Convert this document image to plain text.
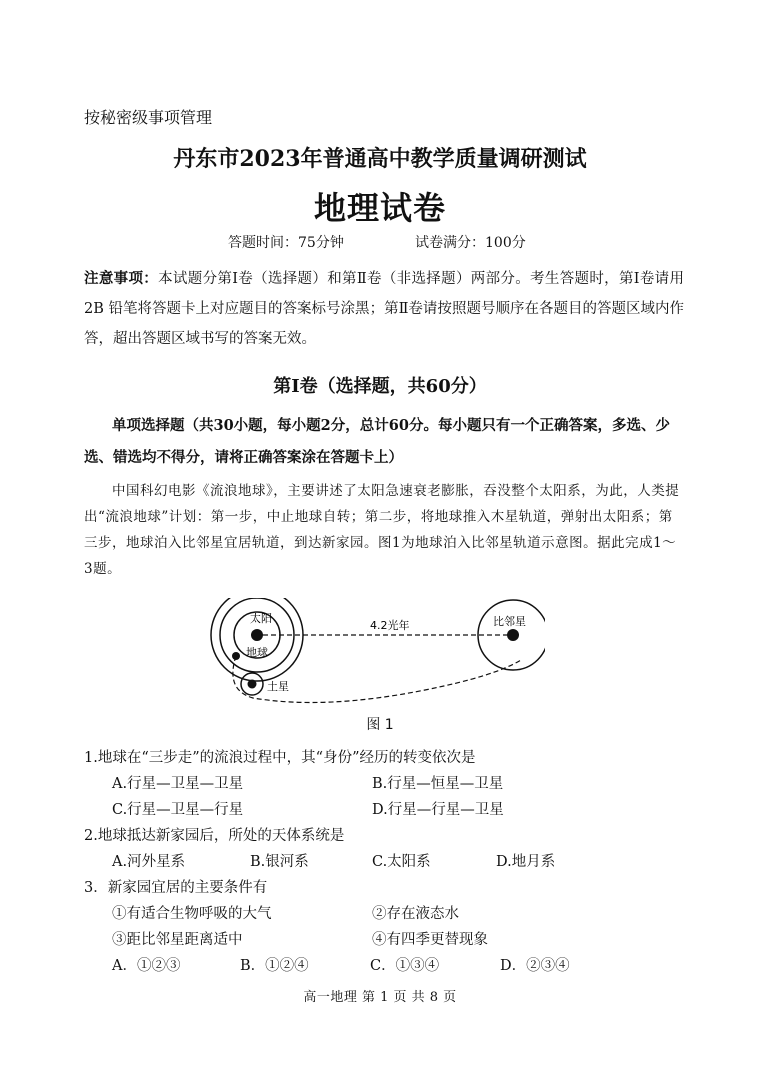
按秘密级事项管理
丹东市2023年普通高中教学质量调研测试
地理试卷
答题时间：75分钟	试卷满分：100分
注意事项：本试题分第Ⅰ卷（选择题）和第Ⅱ卷（非选择题）两部分。考生答题时，第Ⅰ卷请用 2B 铅笔将答题卡上对应题目的答案标号涂黑；第Ⅱ卷请按照题号顺序在各题目的答题区域内作答，超出答题区域书写的答案无效。
第Ⅰ卷（选择题，共60分）
单项选择题（共30小题，每小题2分，总计60分。每小题只有一个正确答案，多选、少选、错选均不得分，请将正确答案涂在答题卡上）
中国科幻电影《流浪地球》，主要讲述了太阳急速衰老膨胀，吞没整个太阳系，为此，人类提出“流浪地球”计划：第一步，中止地球自转；第二步，将地球推入木星轨道，弹射出太阳系；第三步，地球泊入比邻星宜居轨道，到达新家园。图1为地球泊入比邻星轨道示意图。据此完成1～3题。
太阳
地球
土星
比邻星
4.2光年
图 1
1.地球在“三步走”的流浪过程中，其“身份”经历的转变依次是
A.行星—卫星—卫星	B.行星—恒星—卫星
C.行星—卫星—行星	D.行星—行星—卫星
2.地球抵达新家园后，所处的天体系统是
A.河外星系	B.银河系	C.太阳系	D.地月系
3．新家园宜居的主要条件有
①有适合生物呼吸的大气	②存在液态水
③距比邻星距离适中	④有四季更替现象
A．①②③	B．①②④	C．①③④	D．②③④
高一地理 第 1 页 共 8 页
